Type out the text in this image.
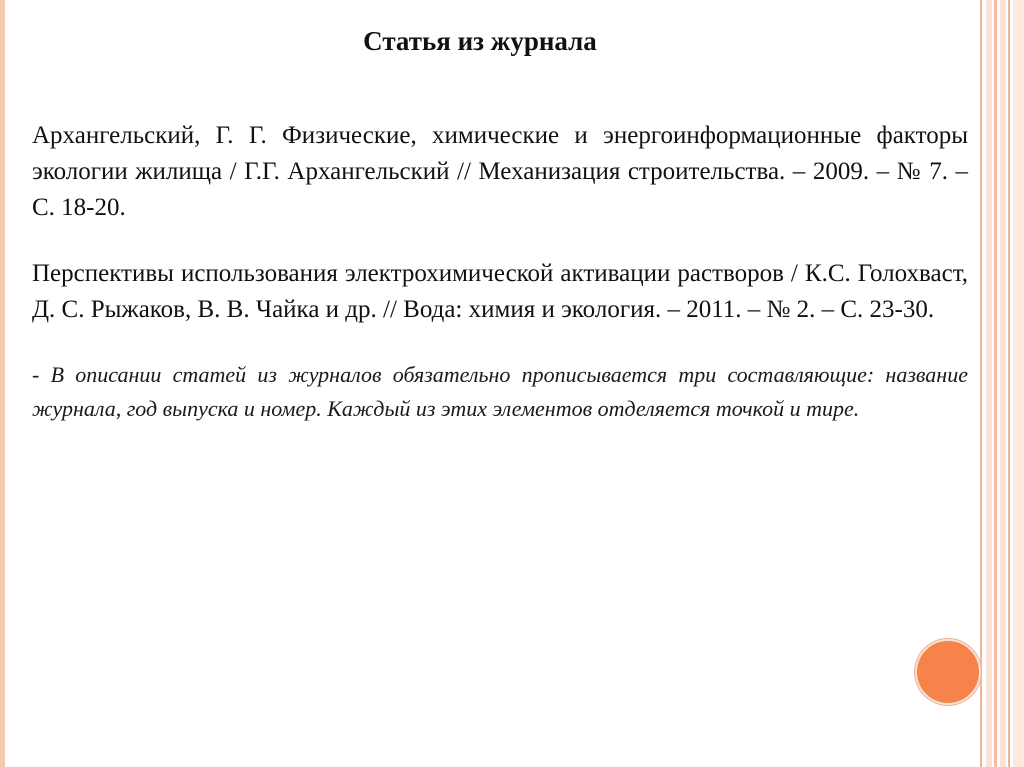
Статья из журнала

Архангельский, Г. Г. Физические, химические и энергоинформационные факторы экологии жилища / Г.Г. Архангельский // Механизация строительства. – 2009. – № 7. – С. 18-20.

Перспективы использования электрохимической активации растворов / К.С. Голохваст, Д. С. Рыжаков, В. В. Чайка и др. // Вода: химия и экология. – 2011. – № 2. – С. 23-30.

- В описании статей из журналов обязательно прописывается три составляющие: название журнала, год выпуска и номер. Каждый из этих элементов отделяется точкой и тире.
